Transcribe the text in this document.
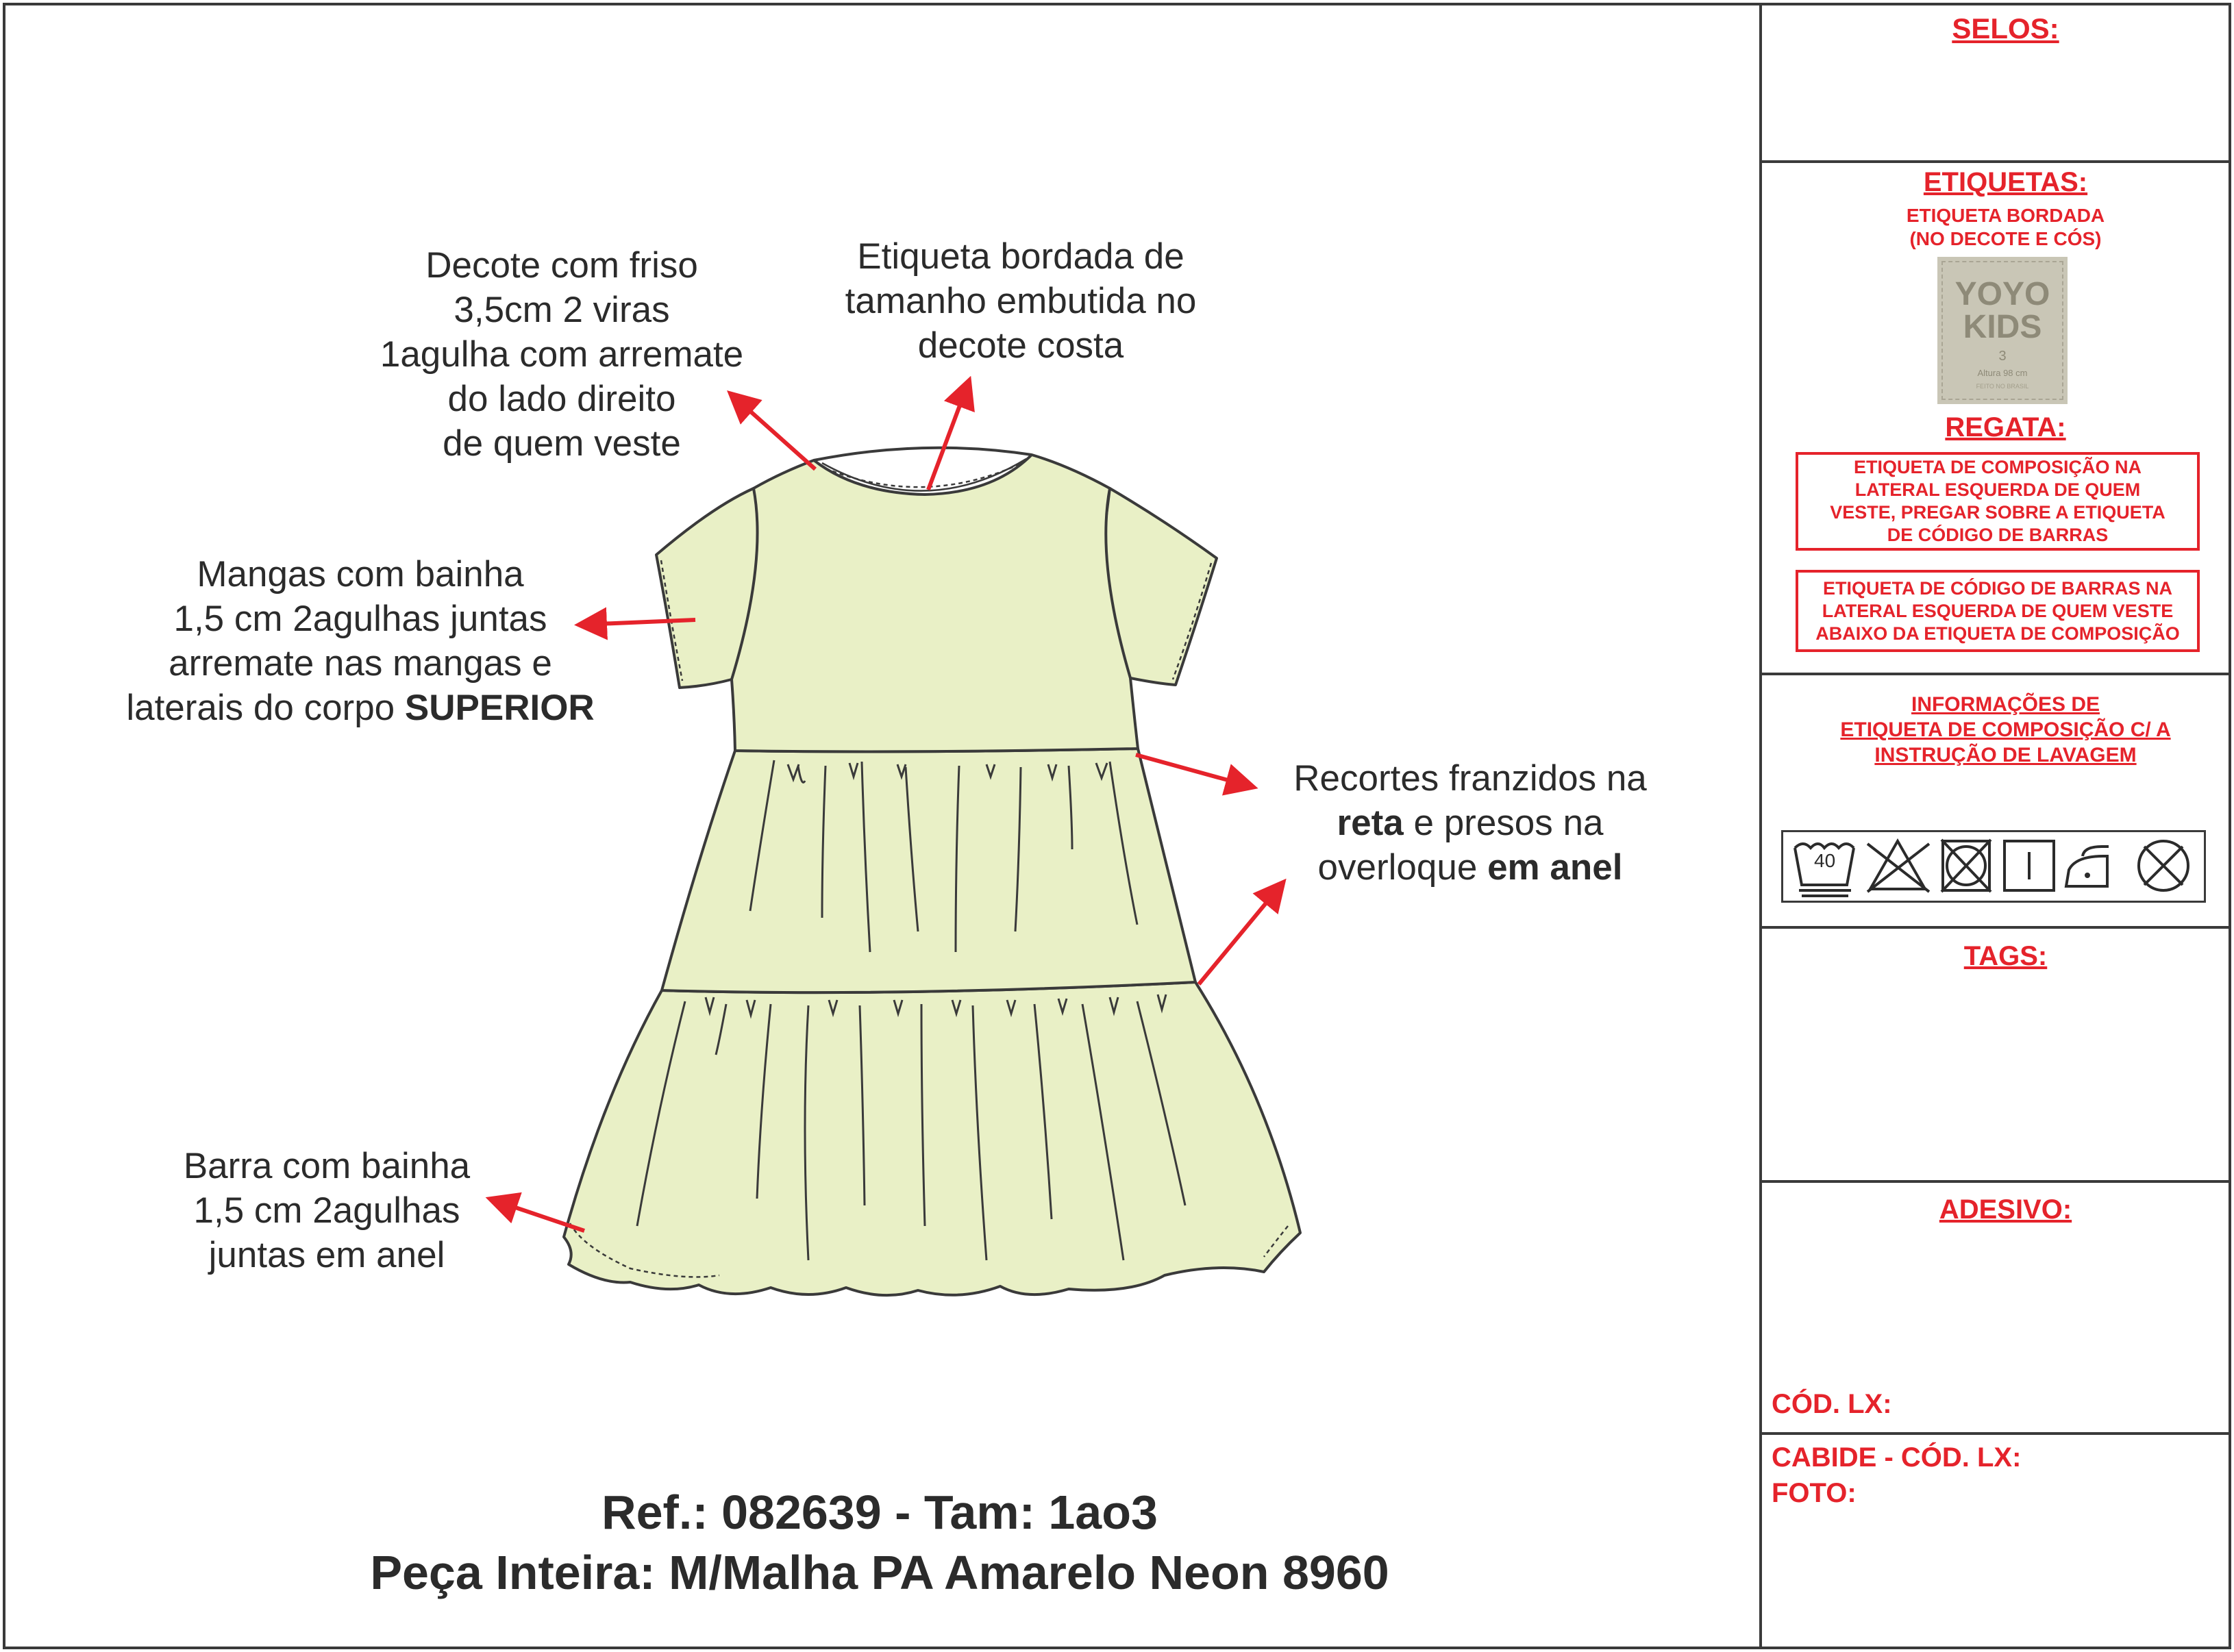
SELOS:
ETIQUETAS:
ETIQUETA BORDADA
(NO DECOTE E CÓS)
YOYO
KIDS
3
Altura 98 cm
FEITO NO BRASIL
REGATA:
ETIQUETA DE COMPOSIÇÃO NA
LATERAL ESQUERDA DE QUEM
VESTE, PREGAR SOBRE A ETIQUETA
DE CÓDIGO DE BARRAS
ETIQUETA DE CÓDIGO DE BARRAS NA
LATERAL ESQUERDA DE QUEM VESTE
ABAIXO DA ETIQUETA DE COMPOSIÇÃO
INFORMAÇÕES DE
ETIQUETA DE COMPOSIÇÃO C/ A
INSTRUÇÃO DE LAVAGEM
40
TAGS:
ADESIVO:
CÓD. LX:
CABIDE - CÓD. LX:
FOTO:
Decote com friso
3,5cm 2 viras
1agulha com arremate
do lado direito
de quem veste
Etiqueta bordada de
tamanho embutida no
decote costa
Mangas com bainha
1,5 cm 2agulhas juntas
arremate nas mangas e
laterais do corpo SUPERIOR
Recortes franzidos na
reta e presos na
overloque em anel
Barra com bainha
1,5 cm 2agulhas
juntas em anel
Ref.: 082639 - Tam: 1ao3
Peça Inteira: M/Malha PA Amarelo Neon 8960
